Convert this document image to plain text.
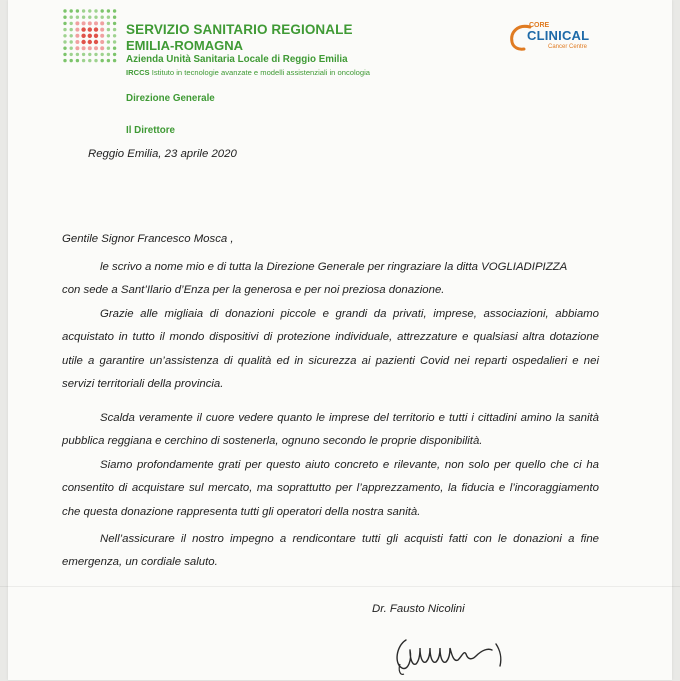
SERVIZIO SANITARIO REGIONALE
EMILIA-ROMAGNA
Azienda Unità Sanitaria Locale di Reggio Emilia
IRCCS Istituto in tecnologie avanzate e modelli assistenziali in oncologia
Direzione Generale
Il Direttore
CORE
CLINICAL
Cancer Centre
Reggio Emilia, 23 aprile 2020
Gentile Signor Francesco Mosca ,
le scrivo a nome mio e di tutta la Direzione Generale per ringraziare la ditta VOGLIADIPIZZA
con sede a Sant’Ilario d’Enza per la generosa e per noi preziosa donazione.
Grazie alle migliaia di donazioni piccole e grandi da privati, imprese, associazioni, abbiamo acquistato in tutto il mondo dispositivi di protezione individuale, attrezzature e qualsiasi altra dotazione utile a garantire un’assistenza di qualità ed in sicurezza ai pazienti Covid nei reparti ospedalieri e nei servizi territoriali della provincia.
Scalda veramente il cuore vedere quanto le imprese del territorio e tutti i cittadini amino la sanità pubblica reggiana e cerchino di sostenerla, ognuno secondo le proprie disponibilità.
Siamo profondamente grati per questo aiuto concreto e rilevante, non solo per quello che ci ha consentito di acquistare sul mercato, ma soprattutto per l’apprezzamento, la fiducia e l’incoraggiamento che questa donazione rappresenta tutti gli operatori della nostra sanità.
Nell’assicurare il nostro impegno a rendicontare tutti gli acquisti fatti con le donazioni a fine emergenza, un cordiale saluto.
Dr. Fausto Nicolini
